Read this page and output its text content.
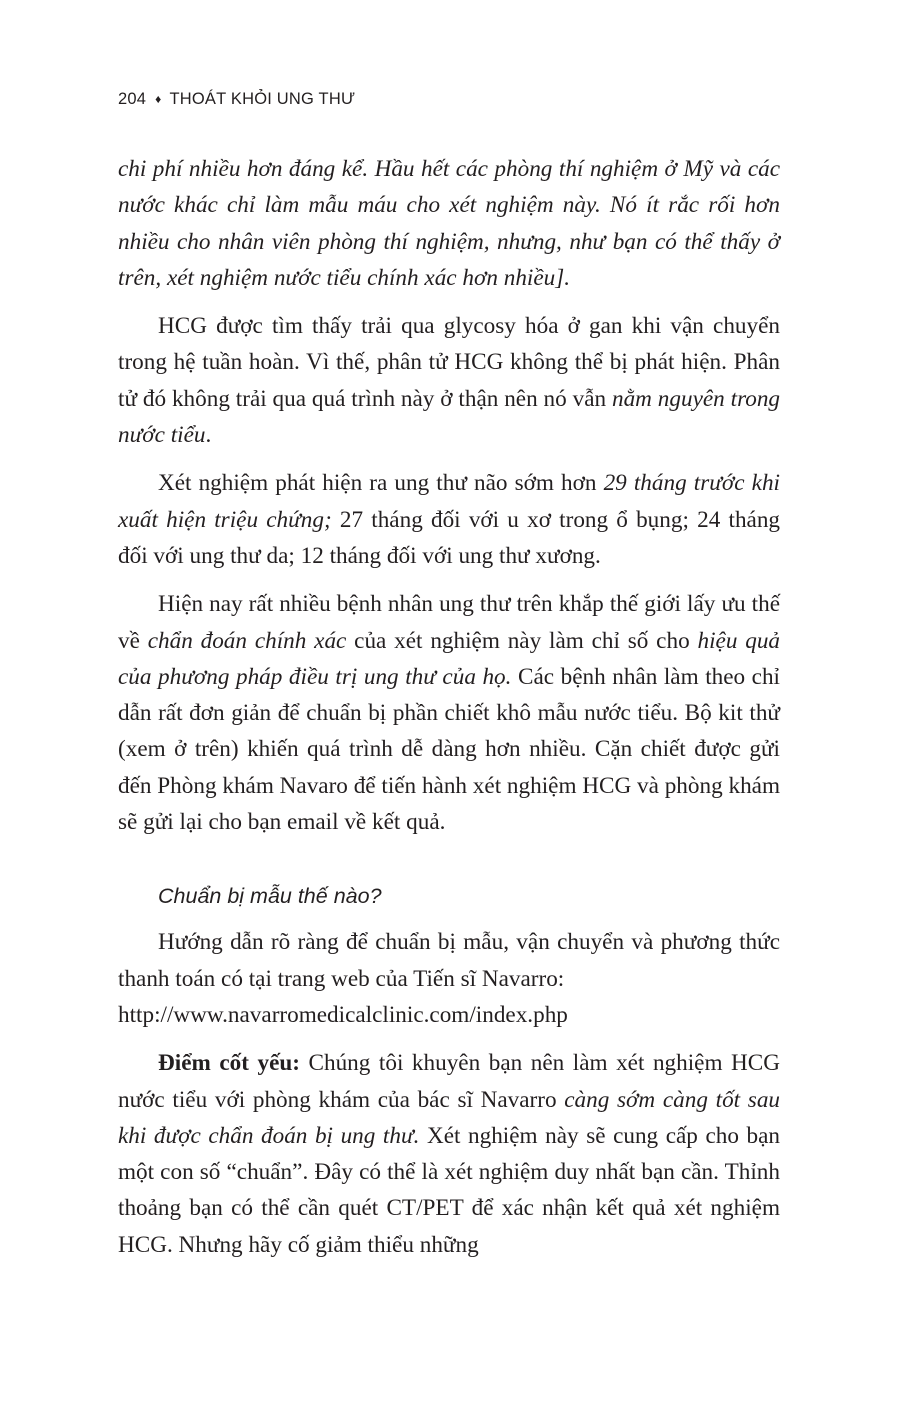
204 ♦ THOÁT KHỎI UNG THƯ

chi phí nhiều hơn đáng kể. Hầu hết các phòng thí nghiệm ở Mỹ và các nước khác chỉ làm mẫu máu cho xét nghiệm này. Nó ít rắc rối hơn nhiều cho nhân viên phòng thí nghiệm, nhưng, như bạn có thể thấy ở trên, xét nghiệm nước tiểu chính xác hơn nhiều].

HCG được tìm thấy trải qua glycosy hóa ở gan khi vận chuyển trong hệ tuần hoàn. Vì thế, phân tử HCG không thể bị phát hiện. Phân tử đó không trải qua quá trình này ở thận nên nó vẫn nằm nguyên trong nước tiểu.

Xét nghiệm phát hiện ra ung thư não sớm hơn 29 tháng trước khi xuất hiện triệu chứng; 27 tháng đối với u xơ trong ổ bụng; 24 tháng đối với ung thư da; 12 tháng đối với ung thư xương.

Hiện nay rất nhiều bệnh nhân ung thư trên khắp thế giới lấy ưu thế về chẩn đoán chính xác của xét nghiệm này làm chỉ số cho hiệu quả của phương pháp điều trị ung thư của họ. Các bệnh nhân làm theo chỉ dẫn rất đơn giản để chuẩn bị phần chiết khô mẫu nước tiểu. Bộ kit thử (xem ở trên) khiến quá trình dễ dàng hơn nhiều. Cặn chiết được gửi đến Phòng khám Navaro để tiến hành xét nghiệm HCG và phòng khám sẽ gửi lại cho bạn email về kết quả.

Chuẩn bị mẫu thế nào?

Hướng dẫn rõ ràng để chuẩn bị mẫu, vận chuyển và phương thức thanh toán có tại trang web của Tiến sĩ Navarro:
http://www.navarromedicalclinic.com/index.php

Điểm cốt yếu: Chúng tôi khuyên bạn nên làm xét nghiệm HCG nước tiểu với phòng khám của bác sĩ Navarro càng sớm càng tốt sau khi được chẩn đoán bị ung thư. Xét nghiệm này sẽ cung cấp cho bạn một con số “chuẩn”. Đây có thể là xét nghiệm duy nhất bạn cần. Thỉnh thoảng bạn có thể cần quét CT/PET để xác nhận kết quả xét nghiệm HCG. Nhưng hãy cố giảm thiểu những
